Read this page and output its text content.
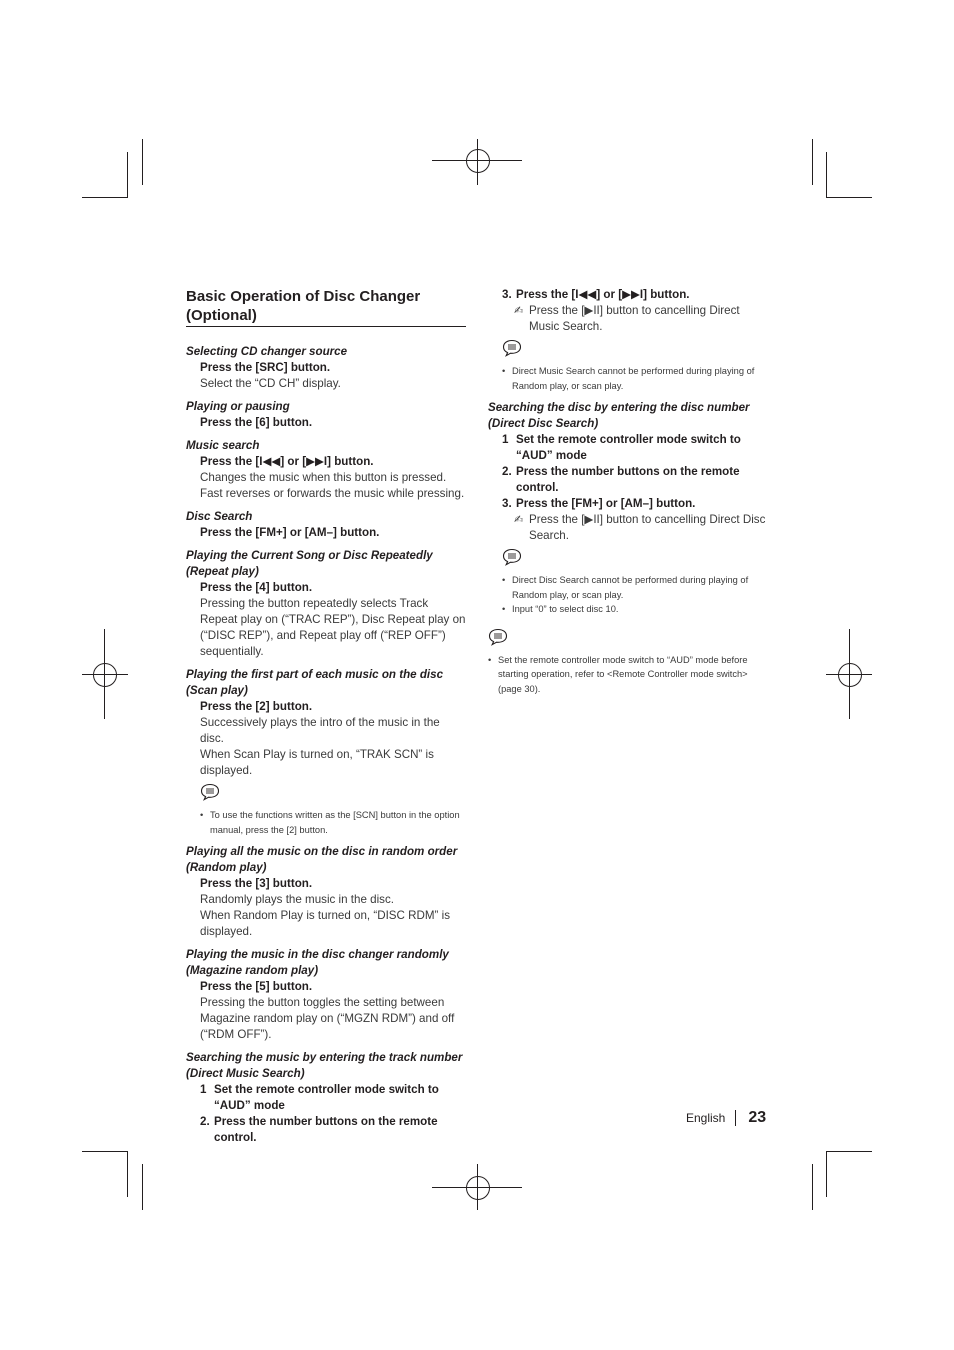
Basic Operation of Disc Changer (Optional)

Selecting CD changer source

Press the [SRC] button.

Select the “CD CH” display.

Playing or pausing

Press the [6] button.

Music search

Press the [I◀◀] or [▶▶I] button.

Changes the music when this button is pressed.

Fast reverses or forwards the music while pressing.

Disc Search

Press the [FM+] or [AM–] button.

Playing the Current Song or Disc Repeatedly (Repeat play)

Press the [4] button.

Pressing the button repeatedly selects Track Repeat play on (“TRAC REP”), Disc Repeat play on (“DISC REP”), and Repeat play off (“REP OFF”) sequentially.

Playing the first part of each music on the disc (Scan play)

Press the [2] button.

Successively plays the intro of the music in the disc.

When Scan Play is turned on, “TRAK SCN” is displayed.

• To use the functions written as the [SCN] button in the option manual, press the [2] button.

Playing all the music on the disc in random order (Random play)

Press the [3] button.

Randomly plays the music in the disc.

When Random Play is turned on, “DISC RDM” is displayed.

Playing the music in the disc changer randomly (Magazine random play)

Press the [5] button.

Pressing the button toggles the setting between Magazine random play on (“MGZN RDM”) and off (“RDM OFF”).

Searching the music by entering the track number (Direct Music Search)

1 Set the remote controller mode switch to “AUD” mode
2. Press the number buttons on the remote control.
3. Press the [I◀◀] or [▶▶I] button.
✍ Press the [▶II] button to cancelling Direct Music Search.
• Direct Music Search cannot be performed during playing of Random play, or scan play.

Searching the disc by entering the disc number (Direct Disc Search)

1 Set the remote controller mode switch to “AUD” mode
2. Press the number buttons on the remote control.
3. Press the [FM+] or [AM–] button.
✍ Press the [▶II] button to cancelling Direct Disc Search.
• Direct Disc Search cannot be performed during playing of Random play, or scan play.
• Input “0” to select disc 10.
• Set the remote controller mode switch to “AUD” mode before starting operation, refer to <Remote Controller mode switch> (page 30).
English 23
